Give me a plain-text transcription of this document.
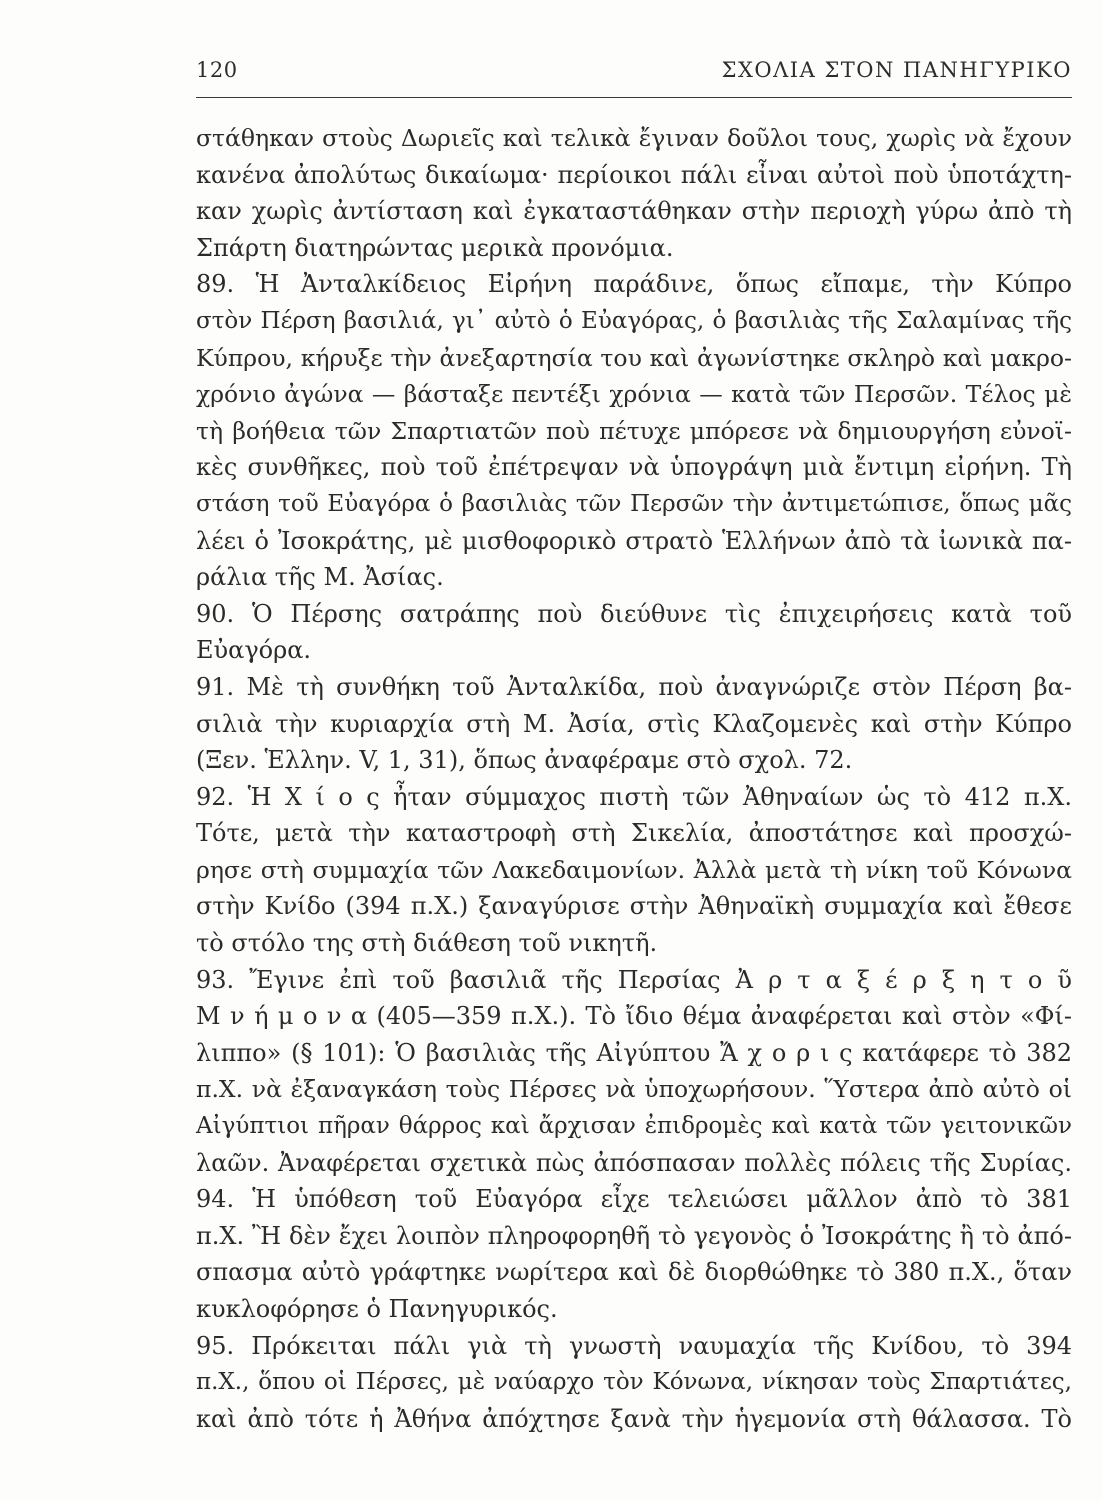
120	ΣΧΟΛΙΑ ΣΤΟΝ ΠΑΝΗΓΥΡΙΚΟ
στάθηκαν στοὺς Δωριεῖς καὶ τελικὰ ἔγιναν δοῦλοι τους, χωρὶς νὰ ἔχουν
κανένα ἀπολύτως δικαίωμα· περίοικοι πάλι εἶναι αὐτοὶ ποὺ ὑποτάχτη-
καν χωρὶς ἀντίσταση καὶ ἐγκαταστάθηκαν στὴν περιοχὴ γύρω ἀπὸ τὴ
Σπάρτη διατηρώντας μερικὰ προνόμια.
89. Ἡ Ἀνταλκίδειος Εἰρήνη παράδινε, ὅπως εἴπαμε, τὴν Κύπρο
στὸν Πέρση βασιλιά, γι᾽ αὐτὸ ὁ Εὐαγόρας, ὁ βασιλιὰς τῆς Σαλαμίνας τῆς
Κύπρου, κήρυξε τὴν ἀνεξαρτησία του καὶ ἀγωνίστηκε σκληρὸ καὶ μακρο-
χρόνιο ἀγώνα — βάσταξε πεντέξι χρόνια — κατὰ τῶν Περσῶν. Τέλος μὲ
τὴ βοήθεια τῶν Σπαρτιατῶν ποὺ πέτυχε μπόρεσε νὰ δημιουργήση εὐνοϊ-
κὲς συνθῆκες, ποὺ τοῦ ἐπέτρεψαν νὰ ὑπογράψη μιὰ ἔντιμη εἰρήνη. Τὴ
στάση τοῦ Εὐαγόρα ὁ βασιλιὰς τῶν Περσῶν τὴν ἀντιμετώπισε, ὅπως μᾶς
λέει ὁ Ἰσοκράτης, μὲ μισθοφορικὸ στρατὸ Ἑλλήνων ἀπὸ τὰ ἰωνικὰ πα-
ράλια τῆς Μ. Ἀσίας.
90. Ὁ Πέρσης σατράπης ποὺ διεύθυνε τὶς ἐπιχειρήσεις κατὰ τοῦ
Εὐαγόρα.
91. Μὲ τὴ συνθήκη τοῦ Ἀνταλκίδα, ποὺ ἀναγνώριζε στὸν Πέρση βα-
σιλιὰ τὴν κυριαρχία στὴ Μ. Ἀσία, στὶς Κλαζομενὲς καὶ στὴν Κύπρο
(Ξεν. Ἑλλην. V, 1, 31), ὅπως ἀναφέραμε στὸ σχολ. 72.
92. Ἡ Χ ί ο ς ἦταν σύμμαχος πιστὴ τῶν Ἀθηναίων ὡς τὸ 412 π.Χ.
Τότε, μετὰ τὴν καταστροφὴ στὴ Σικελία, ἀποστάτησε καὶ προσχώ-
ρησε στὴ συμμαχία τῶν Λακεδαιμονίων. Ἀλλὰ μετὰ τὴ νίκη τοῦ Κόνωνα
στὴν Κνίδο (394 π.Χ.) ξαναγύρισε στὴν Ἀθηναϊκὴ συμμαχία καὶ ἔθεσε
τὸ στόλο της στὴ διάθεση τοῦ νικητῆ.
93. Ἔγινε ἐπὶ τοῦ βασιλιᾶ τῆς Περσίας Ἀ ρ τ α ξ έ ρ ξ η τ ο ῦ
Μ ν ή μ ο ν α (405—359 π.Χ.). Τὸ ἴδιο θέμα ἀναφέρεται καὶ στὸν «Φί-
λιππο» (§ 101): Ὁ βασιλιὰς τῆς Αἰγύπτου Ἄ χ ο ρ ι ς κατάφερε τὸ 382
π.Χ. νὰ ἐξαναγκάση τοὺς Πέρσες νὰ ὑποχωρήσουν. Ὕστερα ἀπὸ αὐτὸ οἱ
Αἰγύπτιοι πῆραν θάρρος καὶ ἄρχισαν ἐπιδρομὲς καὶ κατὰ τῶν γειτονικῶν
λαῶν. Ἀναφέρεται σχετικὰ πὼς ἀπόσπασαν πολλὲς πόλεις τῆς Συρίας.
94. Ἡ ὑπόθεση τοῦ Εὐαγόρα εἶχε τελειώσει μᾶλλον ἀπὸ τὸ 381
π.Χ. Ἢ δὲν ἔχει λοιπὸν πληροφορηθῆ τὸ γεγονὸς ὁ Ἰσοκράτης ἢ τὸ ἀπό-
σπασμα αὐτὸ γράφτηκε νωρίτερα καὶ δὲ διορθώθηκε τὸ 380 π.Χ., ὅταν
κυκλοφόρησε ὁ Πανηγυρικός.
95. Πρόκειται πάλι γιὰ τὴ γνωστὴ ναυμαχία τῆς Κνίδου, τὸ 394
π.Χ., ὅπου οἱ Πέρσες, μὲ ναύαρχο τὸν Κόνωνα, νίκησαν τοὺς Σπαρτιάτες,
καὶ ἀπὸ τότε ἡ Ἀθήνα ἀπόχτησε ξανὰ τὴν ἡγεμονία στὴ θάλασσα. Τὸ
